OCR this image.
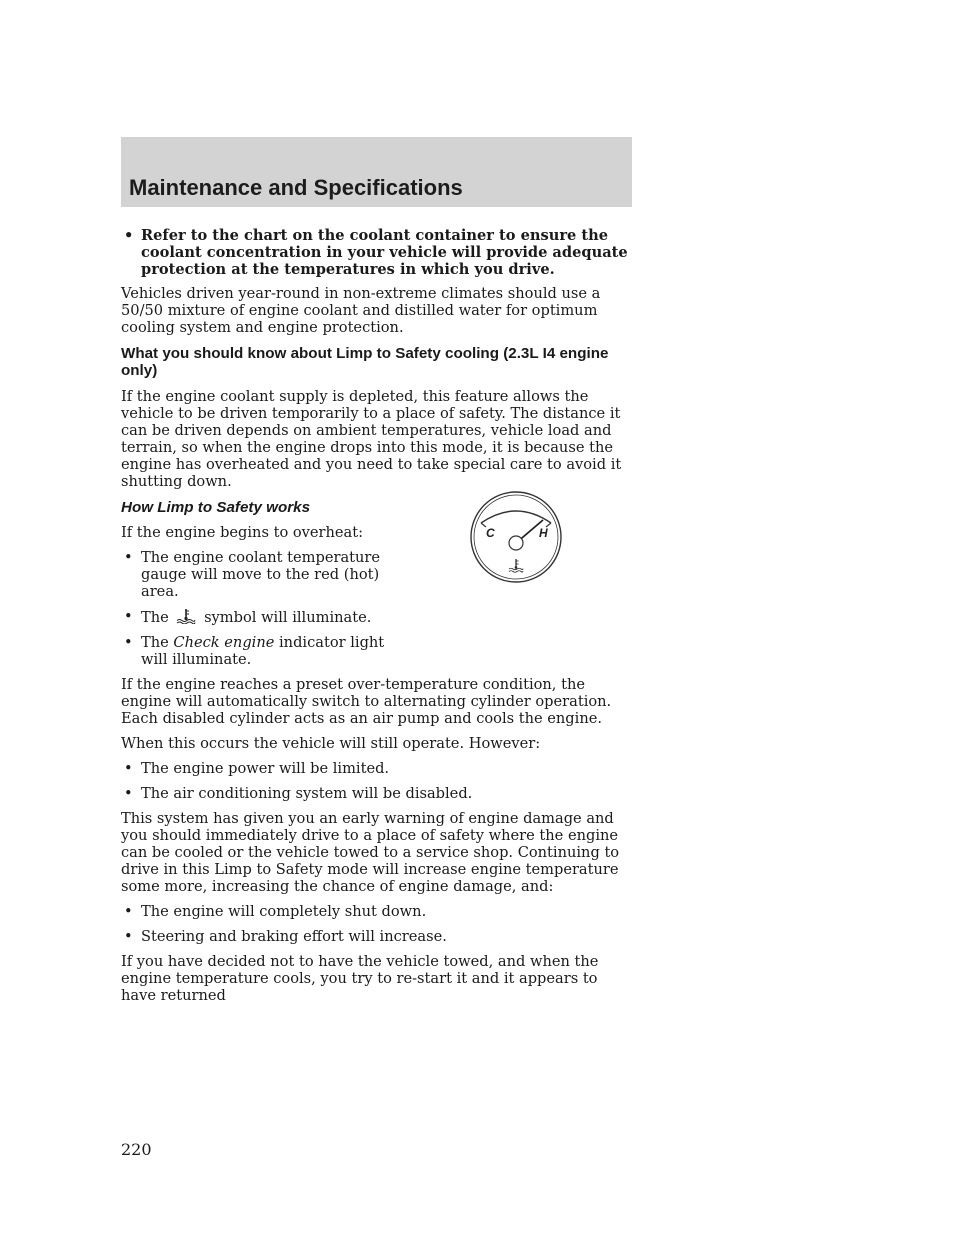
Maintenance and Specifications

• Refer to the chart on the coolant container to ensure the coolant concentration in your vehicle will provide adequate protection at the temperatures in which you drive.

Vehicles driven year-round in non-extreme climates should use a 50/50 mixture of engine coolant and distilled water for optimum cooling system and engine protection.

What you should know about Limp to Safety cooling (2.3L I4 engine only)

If the engine coolant supply is depleted, this feature allows the vehicle to be driven temporarily to a place of safety. The distance it can be driven depends on ambient temperatures, vehicle load and terrain, so when the engine drops into this mode, it is because the engine has overheated and you need to take special care to avoid it shutting down.

How Limp to Safety works

If the engine begins to overheat:

• The engine coolant temperature gauge will move to the red (hot) area.

• The symbol will illuminate.

• The Check engine indicator light will illuminate.

If the engine reaches a preset over-temperature condition, the engine will automatically switch to alternating cylinder operation. Each disabled cylinder acts as an air pump and cools the engine.

When this occurs the vehicle will still operate. However:

• The engine power will be limited.

• The air conditioning system will be disabled.

This system has given you an early warning of engine damage and you should immediately drive to a place of safety where the engine can be cooled or the vehicle towed to a service shop. Continuing to drive in this Limp to Safety mode will increase engine temperature some more, increasing the chance of engine damage, and:

• The engine will completely shut down.

• Steering and braking effort will increase.

If you have decided not to have the vehicle towed, and when the engine temperature cools, you try to re-start it and it appears to have returned

C	H

220
